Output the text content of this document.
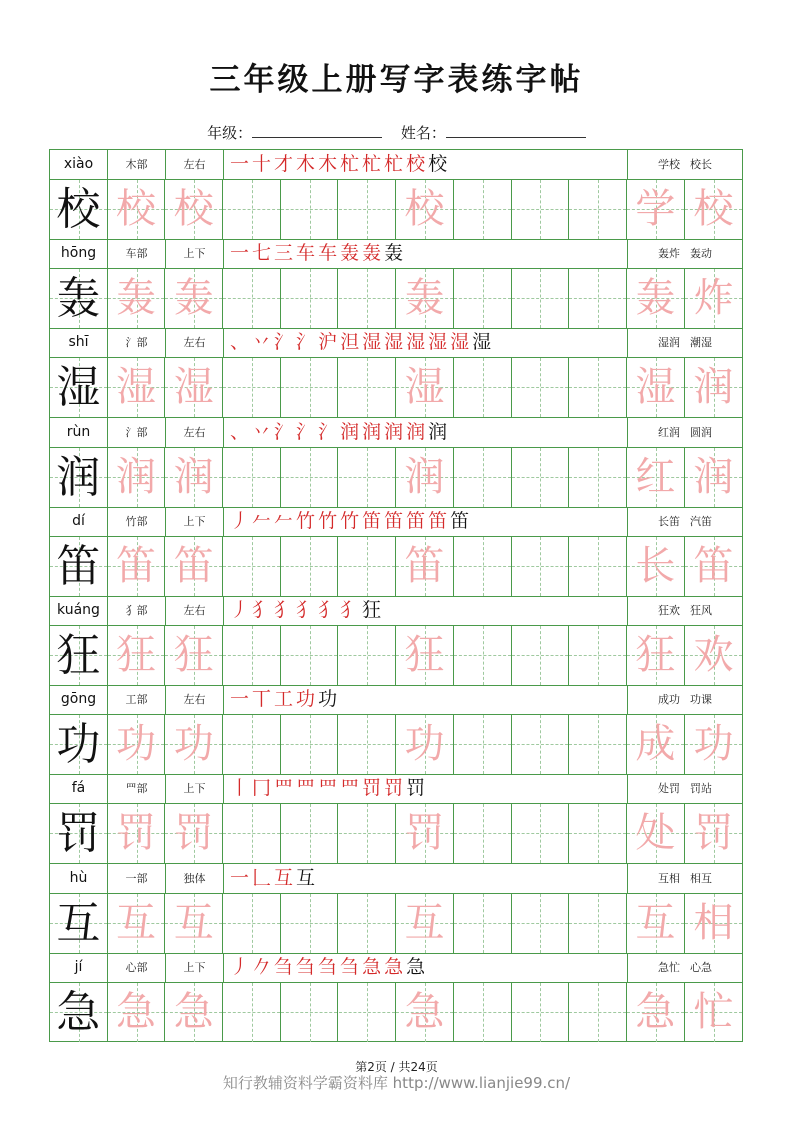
三年级上册写字表练字帖
年级：	姓名：
xiào	木部	左右	一 十 才 木 木 杧 杧 杧 校 校	学校 校长
校 校 校	校	学 校
hōng	车部	上下	一 七 三 车 车 轰 轰 轰	轰炸 轰动
轰 轰 轰	轰	轰 炸
shī	氵部	左右	、 丷 氵 氵 沪 泹 湿 湿 湿 湿 湿 湿	湿润 潮湿
湿 湿 湿	湿	湿 润
rùn	氵部	左右	、 丷 氵 氵 氵 润 润 润 润 润	红润 圆润
润 润 润	润	红 润
dí	竹部	上下	丿 𠂉 𠂉 竹 竹 竹 笛 笛 笛 笛 笛	长笛 汽笛
笛 笛 笛	笛	长 笛
kuáng	犭部	左右	丿 犭 犭 犭 犭 犭 狂	狂欢 狂风
狂 狂 狂	狂	狂 欢
gōng	工部	左右	一 丅 工 功 功	成功 功课
功 功 功	功	成 功
fá	罒部	上下	丨 冂 罒 罒 罒 罒 罚 罚 罚	处罚 罚站
罚 罚 罚	罚	处 罚
hù	一部	独体	一 𠃊 互 互	互相 相互
互 互 互	互	互 相
jí	心部	上下	丿 𠂊 刍 刍 刍 刍 急 急 急	急忙 心急
急 急 急	急	急 忙
第2页 / 共24页
知行教辅资料学霸资料库 http://www.lianjie99.cn/
